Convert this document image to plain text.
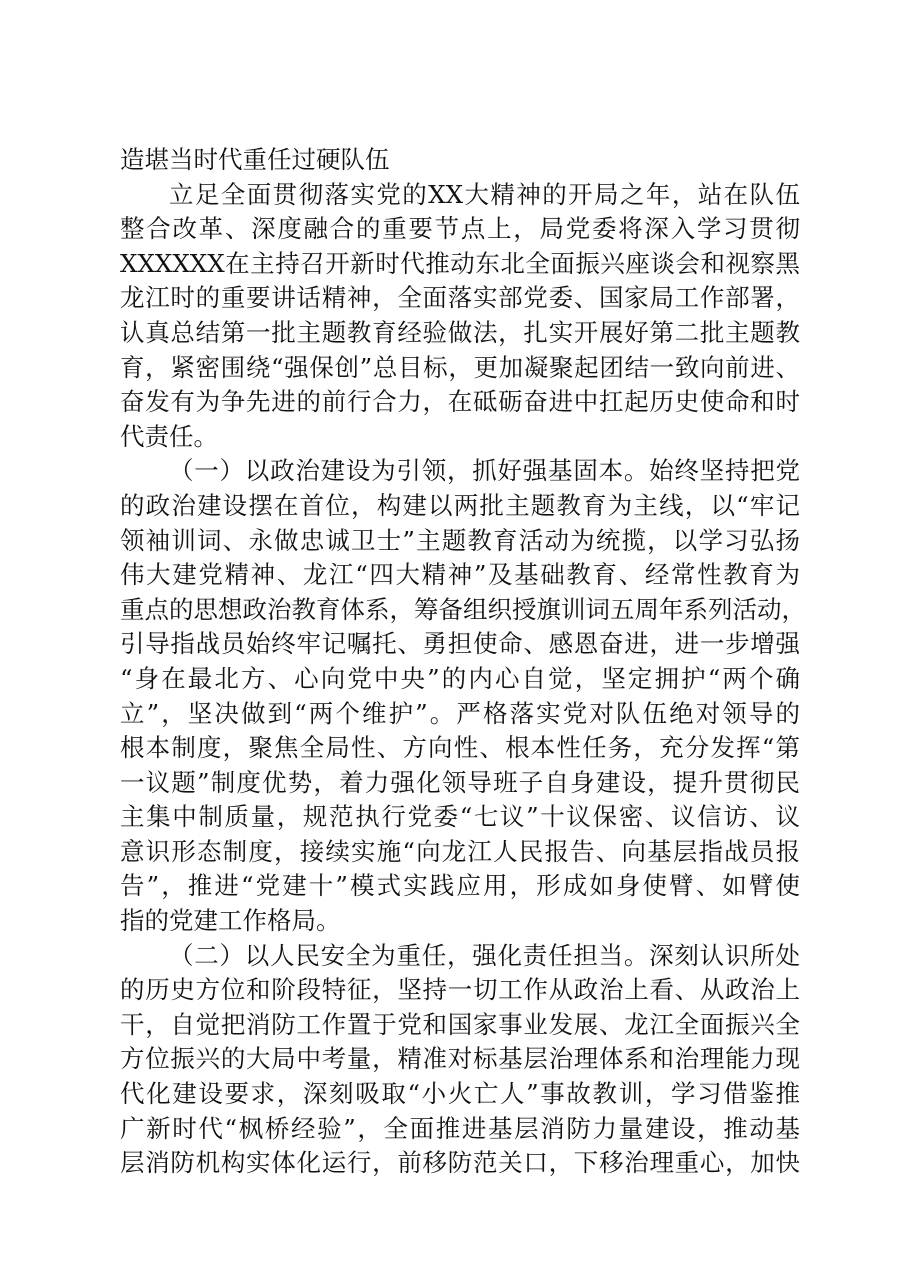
造堪当时代重任过硬队伍
立足全面贯彻落实党的XX大精神的开局之年，站在队伍
整合改革、深度融合的重要节点上，局党委将深入学习贯彻
XXXXXX在主持召开新时代推动东北全面振兴座谈会和视察黑
龙江时的重要讲话精神，全面落实部党委、国家局工作部署，
认真总结第一批主题教育经验做法，扎实开展好第二批主题教
育，紧密围绕“强保创”总目标，更加凝聚起团结一致向前进、
奋发有为争先进的前行合力，在砥砺奋进中扛起历史使命和时
代责任。
（一）以政治建设为引领，抓好强基固本。始终坚持把党
的政治建设摆在首位，构建以两批主题教育为主线，以“牢记
领袖训词、永做忠诚卫士”主题教育活动为统揽，以学习弘扬
伟大建党精神、龙江“四大精神”及基础教育、经常性教育为
重点的思想政治教育体系，筹备组织授旗训词五周年系列活动，
引导指战员始终牢记嘱托、勇担使命、感恩奋进，进一步增强
“身在最北方、心向党中央”的内心自觉，坚定拥护“两个确
立”，坚决做到“两个维护”。严格落实党对队伍绝对领导的
根本制度，聚焦全局性、方向性、根本性任务，充分发挥“第
一议题”制度优势，着力强化领导班子自身建设，提升贯彻民
主集中制质量，规范执行党委“七议”十议保密、议信访、议
意识形态制度，接续实施“向龙江人民报告、向基层指战员报
告”，推进“党建十”模式实践应用，形成如身使臂、如臂使
指的党建工作格局。
（二）以人民安全为重任，强化责任担当。深刻认识所处
的历史方位和阶段特征，坚持一切工作从政治上看、从政治上
干，自觉把消防工作置于党和国家事业发展、龙江全面振兴全
方位振兴的大局中考量，精准对标基层治理体系和治理能力现
代化建设要求，深刻吸取“小火亡人”事故教训，学习借鉴推
广新时代“枫桥经验”，全面推进基层消防力量建设，推动基
层消防机构实体化运行，前移防范关口，下移治理重心，加快
